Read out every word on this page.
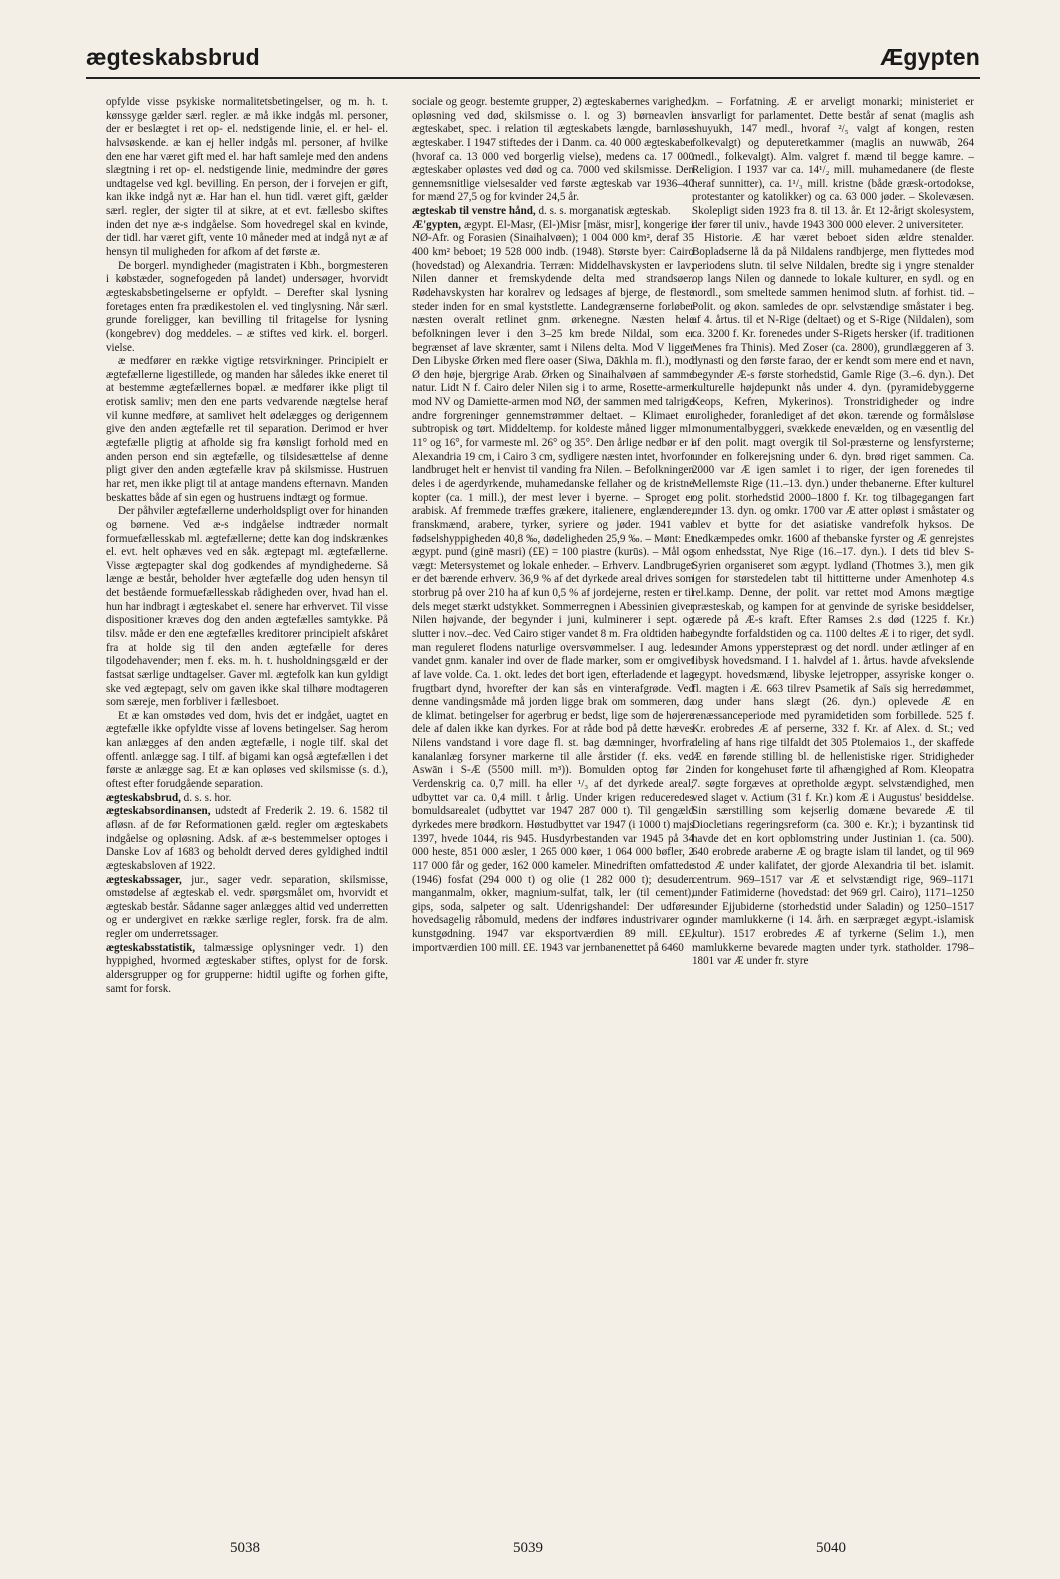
ægteskabsbrud	Ægypten

opfylde visse psykiske normalitetsbetingelser, og m. h. t. kønssyge gælder særl. regler. æ må ikke indgås ml. personer, der er beslægtet i ret op- el. nedstigende linie, el. er hel- el. halvsøskende. æ kan ej heller indgås ml. personer, af hvilke den ene har været gift med el. har haft samleje med den andens slægtning i ret op- el. nedstigende linie, medmindre der gøres undtagelse ved kgl. bevilling. En person, der i forvejen er gift, kan ikke indgå nyt æ. Har han el. hun tidl. været gift, gælder særl. regler, der sigter til at sikre, at et evt. fællesbo skiftes inden det nye æ-s indgåelse. Som hovedregel skal en kvinde, der tidl. har været gift, vente 10 måneder med at indgå nyt æ af hensyn til muligheden for afkom af det første æ.

De borgerl. myndigheder (magistraten i Kbh., borgmesteren i købstæder, sognefogeden på landet) undersøger, hvorvidt ægteskabsbetingelserne er opfyldt. – Derefter skal lysning foretages enten fra prædikestolen el. ved tinglysning. Når særl. grunde foreligger, kan bevilling til fritagelse for lysning (kongebrev) dog meddeles. – æ stiftes ved kirk. el. borgerl. vielse.

æ medfører en række vigtige retsvirkninger. Principielt er ægtefællerne ligestillede, og manden har således ikke eneret til at bestemme ægtefællernes bopæl. æ medfører ikke pligt til erotisk samliv; men den ene parts vedvarende nægtelse heraf vil kunne medføre, at samlivet helt ødelægges og derigennem give den anden ægtefælle ret til separation. Derimod er hver ægtefælle pligtig at afholde sig fra kønsligt forhold med en anden person end sin ægtefælle, og tilsidesættelse af denne pligt giver den anden ægtefælle krav på skilsmisse. Hustruen har ret, men ikke pligt til at antage mandens efternavn. Manden beskattes både af sin egen og hustruens indtægt og formue.

Der påhviler ægtefællerne underholdspligt over for hinanden og børnene. Ved æ-s indgåelse indtræder normalt formuefællesskab ml. ægtefællerne; dette kan dog indskrænkes el. evt. helt ophæves ved en såk. ægtepagt ml. ægtefællerne. Visse ægtepagter skal dog godkendes af myndighederne. Så længe æ består, beholder hver ægtefælle dog uden hensyn til det bestående formuefællesskab rådigheden over, hvad han el. hun har indbragt i ægteskabet el. senere har erhvervet. Til visse dispositioner kræves dog den anden ægtefælles samtykke. På tilsv. måde er den ene ægtefælles kreditorer principielt afskåret fra at holde sig til den anden ægtefælle for deres tilgodehavender; men f. eks. m. h. t. husholdningsgæld er der fastsat særlige undtagelser. Gaver ml. ægtefolk kan kun gyldigt ske ved ægtepagt, selv om gaven ikke skal tilhøre modtageren som særeje, men forbliver i fællesboet.

Et æ kan omstødes ved dom, hvis det er indgået, uagtet en ægtefælle ikke opfyldte visse af lovens betingelser. Sag herom kan anlægges af den anden ægtefælle, i nogle tilf. skal det offentl. anlægge sag. I tilf. af bigami kan også ægtefællen i det første æ anlægge sag. Et æ kan opløses ved skilsmisse (s. d.), oftest efter forudgående separation.

ægteskabsbrud, d. s. s. hor.

ægteskabsordinansen, udstedt af Frederik 2. 19. 6. 1582 til afløsn. af de før Reformationen gæld. regler om ægteskabets indgåelse og opløsning. Adsk. af æ-s bestemmelser optoges i Danske Lov af 1683 og beholdt derved deres gyldighed indtil ægteskabsloven af 1922.

ægteskabssager, jur., sager vedr. separation, skilsmisse, omstødelse af ægteskab el. vedr. spørgsmålet om, hvorvidt et ægteskab består. Sådanne sager anlægges altid ved underretten og er undergivet en række særlige regler, forsk. fra de alm. regler om underretssager.

ægteskabsstatistik, talmæssige oplysninger vedr. 1) den hyppighed, hvormed ægteskaber stiftes, oplyst for de forsk. aldersgrupper og for grupperne: hidtil ugifte og forhen gifte, samt for forsk.

sociale og geogr. bestemte grupper, 2) ægteskabernes varighed, opløsning ved død, skilsmisse o. l. og 3) børneavlen i ægteskabet, spec. i relation til ægteskabets længde, barnløse ægteskaber. I 1947 stiftedes der i Danm. ca. 40 000 ægteskaber (hvoraf ca. 13 000 ved borgerlig vielse), medens ca. 17 000 ægteskaber opløstes ved død og ca. 7000 ved skilsmisse. Den gennemsnitlige vielsesalder ved første ægteskab var 1936–40 for mænd 27,5 og for kvinder 24,5 år.

ægteskab til venstre hånd, d. s. s. morganatisk ægteskab.

Æ'gypten, ægypt. El-Masr, (El-)Misr [mäsr, misr], kongerige i NØ-Afr. og Forasien (Sinaihalvøen); 1 004 000 km², deraf 35 400 km² beboet; 19 528 000 indb. (1948). Største byer: Cairo (hovedstad) og Alexandria. Terræn: Middelhavskysten er lav; Nilen danner et fremskydende delta med strandsøer. Rødehavskysten har koralrev og ledsages af bjerge, de fleste steder inden for en smal kyststlette. Landegrænserne forløber næsten overalt retlinet gnm. ørkenegne. Næsten hele befolkningen lever i den 3–25 km brede Nildal, som er begrænset af lave skrænter, samt i Nilens delta. Mod V ligger Den Libyske Ørken med flere oaser (Siwa, Dākhla m. fl.), mod Ø den høje, bjergrige Arab. Ørken og Sinaihalvøen af samme natur. Lidt N f. Cairo deler Nilen sig i to arme, Rosette-armen mod NV og Damiette-armen mod NØ, der sammen med talrige andre forgreninger gennemstrømmer deltaet. – Klimaet er subtropisk og tørt. Middeltemp. for koldeste måned ligger ml. 11° og 16°, for varmeste ml. 26° og 35°. Den årlige nedbør er i Alexandria 19 cm, i Cairo 3 cm, sydligere næsten intet, hvorfor landbruget helt er henvist til vanding fra Nilen. – Befolkningen deles i de agerdyrkende, muhamedanske fellaher og de kristne kopter (ca. 1 mill.), der mest lever i byerne. – Sproget er arabisk. Af fremmede træffes grækere, italienere, englændere, franskmænd, arabere, tyrker, syriere og jøder. 1941 var fødselshyppigheden 40,8 ‰, dødeligheden 25,9 ‰. – Mønt: Et ægypt. pund (ginē masri) (£E) = 100 piastre (kurūs). – Mål og vægt: Metersystemet og lokale enheder. – Erhverv. Landbruget er det bærende erhverv. 36,9 % af det dyrkede areal drives som storbrug på over 210 ha af kun 0,5 % af jordejerne, resten er til dels meget stærkt udstykket. Sommerregnen i Abessinien giver Nilen højvande, der begynder i juni, kulminerer i sept. og slutter i nov.–dec. Ved Cairo stiger vandet 8 m. Fra oldtiden har man reguleret flodens naturlige oversvømmelser. I aug. ledes vandet gnm. kanaler ind over de flade marker, som er omgivet af lave volde. Ca. 1. okt. ledes det bort igen, efterladende et lag frugtbart dynd, hvorefter der kan sås en vinterafgrøde. Ved denne vandingsmåde må jorden ligge brak om sommeren, da de klimat. betingelser for agerbrug er bedst, lige som de højere dele af dalen ikke kan dyrkes. For at råde bod på dette hæves Nilens vandstand i vore dage fl. st. bag dæmninger, hvorfra kanalanlæg forsyner markerne til alle årstider (f. eks. ved Aswān i S-Æ (5500 mill. m³)). Bomulden optog før 2. Verdenskrig ca. 0,7 mill. ha eller ¹/₃ af det dyrkede areal; udbyttet var ca. 0,4 mill. t årlig. Under krigen reduceredes bomuldsarealet (udbyttet var 1947 287 000 t). Til gengæld dyrkedes mere brødkorn. Høstudbyttet var 1947 (i 1000 t) majs 1397, hvede 1044, ris 945. Husdyrbestanden var 1945 på 34 000 heste, 851 000 æsler, 1 265 000 køer, 1 064 000 bøfler, 2 117 000 får og geder, 162 000 kameler. Minedriften omfattede (1946) fosfat (294 000 t) og olie (1 282 000 t); desuden manganmalm, okker, magnium-sulfat, talk, ler (til cement), gips, soda, salpeter og salt. Udenrigshandel: Der udføres hovedsagelig råbomuld, medens der indføres industrivarer og kunstgødning. 1947 var eksportværdien 89 mill. £E, importværdien 100 mill. £E. 1943 var jernbanenettet på 6460

km. – Forfatning. Æ er arveligt monarki; ministeriet er ansvarligt for parlamentet. Dette består af senat (maglis ash shuyukh, 147 medl., hvoraf ²/₅ valgt af kongen, resten folkevalgt) og deputeretkammer (maglis an nuwwāb, 264 medl., folkevalgt). Alm. valgret f. mænd til begge kamre. – Religion. I 1937 var ca. 14¹/₂ mill. muhamedanere (de fleste heraf sunnitter), ca. 1¹/₃ mill. kristne (både græsk-ortodokse, protestanter og katolikker) og ca. 63 000 jøder. – Skolevæsen. Skolepligt siden 1923 fra 8. til 13. år. Et 12-årigt skolesystem, der fører til univ., havde 1943 300 000 elever. 2 universiteter.

Historie. Æ har været beboet siden ældre stenalder. Bopladserne lå da på Nildalens randbjerge, men flyttedes mod periodens slutn. til selve Nildalen, bredte sig i yngre stenalder op langs Nilen og dannede to lokale kulturer, en sydl. og en nordl., som smeltede sammen henimod slutn. af forhist. tid. – Polit. og økon. samledes de opr. selvstændige småstater i beg. af 4. årtus. til et N-Rige (deltaet) og et S-Rige (Nildalen), som ca. 3200 f. Kr. forenedes under S-Rigets hersker (if. traditionen Menes fra Thinis). Med Zoser (ca. 2800), grundlæggeren af 3. dynasti og den første farao, der er kendt som mere end et navn, begynder Æ-s første storhedstid, Gamle Rige (3.–6. dyn.). Det kulturelle højdepunkt nås under 4. dyn. (pyramidebyggerne Keops, Kefren, Mykerinos). Tronstridigheder og indre uroligheder, foranlediget af det økon. tærende og formålsløse monumentalbyggeri, svækkede enevælden, og en væsentlig del af den polit. magt overgik til Sol-præsterne og lensfyrsterne; under en folkerejsning under 6. dyn. brød riget sammen. Ca. 2000 var Æ igen samlet i to riger, der igen forenedes til Mellemste Rige (11.–13. dyn.) under thebanerne. Efter kulturel og polit. storhedstid 2000–1800 f. Kr. tog tilbagegangen fart under 13. dyn. og omkr. 1700 var Æ atter opløst i småstater og blev et bytte for det asiatiske vandrefolk hyksos. De nedkæmpedes omkr. 1600 af thebanske fyrster og Æ genrejstes som enhedsstat, Nye Rige (16.–17. dyn.). I dets tid blev S-Syrien organiseret som ægypt. lydland (Thotmes 3.), men gik igen for størstedelen tabt til hittitterne under Amenhotep 4.s rel.kamp. Denne, der polit. var rettet mod Amons mægtige præsteskab, og kampen for at genvinde de syriske besiddelser, tærede på Æ-s kraft. Efter Ramses 2.s død (1225 f. Kr.) begyndte forfaldstiden og ca. 1100 deltes Æ i to riger, det sydl. under Amons ypperstepræst og det nordl. under ætlinger af en libysk hovedsmand. I 1. halvdel af 1. årtus. havde afvekslende ægypt. hovedsmænd, libyske lejetropper, assyriske konger o. fl. magten i Æ. 663 tilrev Psametik af Saïs sig herredømmet, og under hans slægt (26. dyn.) oplevede Æ en renæssanceperiode med pyramidetiden som forbillede. 525 f. Kr. erobredes Æ af perserne, 332 f. Kr. af Alex. d. St.; ved deling af hans rige tilfaldt det 305 Ptolemaios 1., der skaffede Æ en førende stilling bl. de hellenistiske riger. Stridigheder inden for kongehuset førte til afhængighed af Rom. Kleopatra 7. søgte forgæves at opretholde ægypt. selvstændighed, men ved slaget v. Actium (31 f. Kr.) kom Æ i Augustus' besiddelse. Sin særstilling som kejserlig domæne bevarede Æ til Diocletians regeringsreform (ca. 300 e. Kr.); i byzantinsk tid havde det en kort opblomstring under Justinian 1. (ca. 500). 640 erobrede araberne Æ og bragte islam til landet, og til 969 stod Æ under kalifatet, der gjorde Alexandria til bet. islamit. centrum. 969–1517 var Æ et selvstændigt rige, 969–1171 under Fatimiderne (hovedstad: det 969 grl. Cairo), 1171–1250 under Ejjubiderne (storhedstid under Saladin) og 1250–1517 under mamlukkerne (i 14. årh. en særpræget ægypt.-islamisk kultur). 1517 erobredes Æ af tyrkerne (Selim 1.), men mamlukkerne bevarede magten under tyrk. statholder. 1798–1801 var Æ under fr. styre

5038	5039	5040
